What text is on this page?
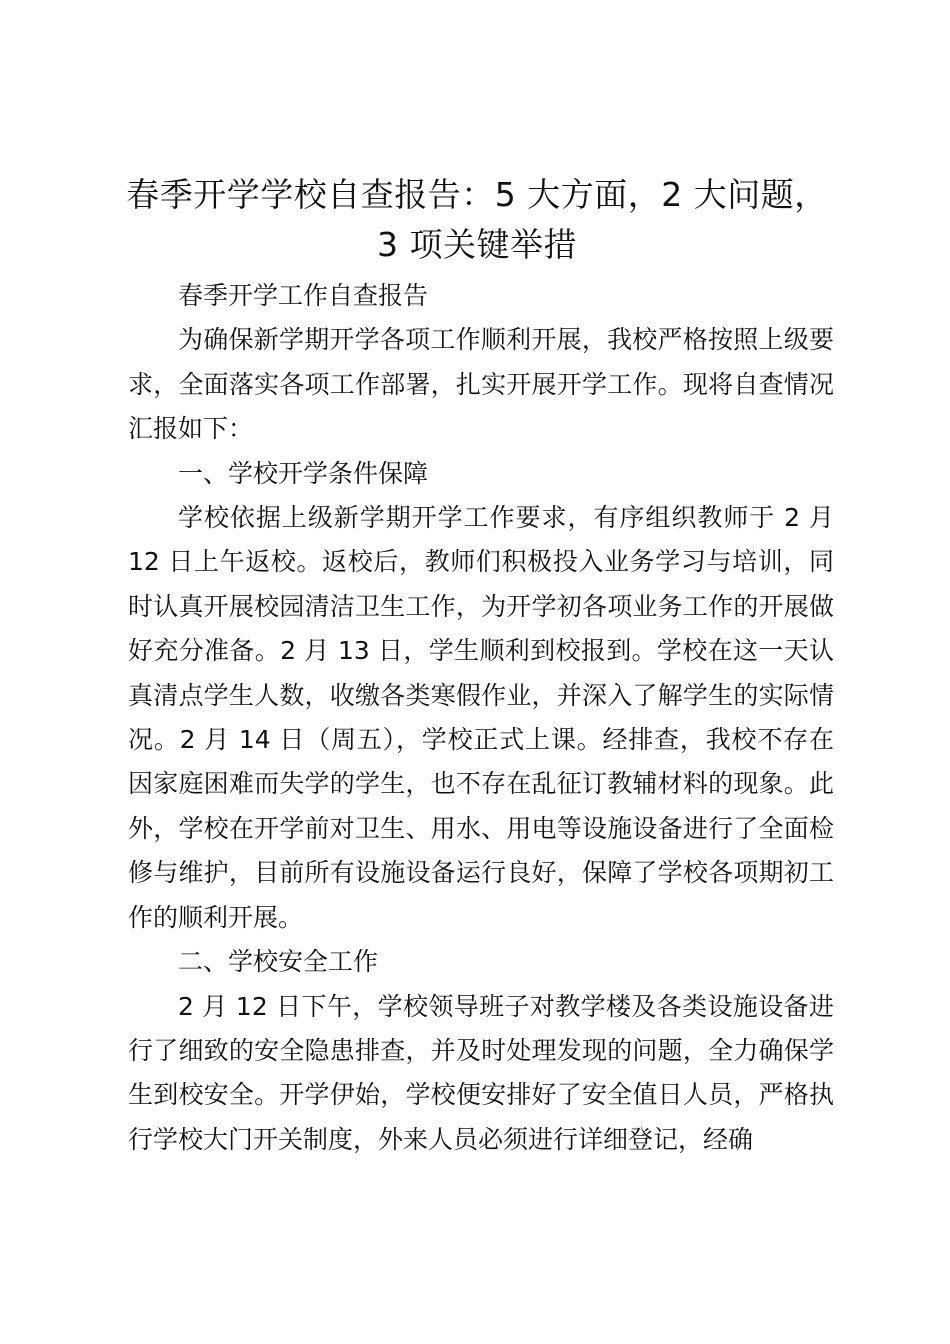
春季开学学校自查报告：5 大方面，2 大问题，
3 项关键举措

春季开学工作自查报告

为确保新学期开学各项工作顺利开展，我校严格按照上级要求，全面落实各项工作部署，扎实开展开学工作。现将自查情况汇报如下：

一、学校开学条件保障

学校依据上级新学期开学工作要求，有序组织教师于 2 月 12 日上午返校。返校后，教师们积极投入业务学习与培训，同时认真开展校园清洁卫生工作，为开学初各项业务工作的开展做好充分准备。2 月 13 日，学生顺利到校报到。学校在这一天认真清点学生人数，收缴各类寒假作业，并深入了解学生的实际情况。2 月 14 日（周五），学校正式上课。经排查，我校不存在因家庭困难而失学的学生，也不存在乱征订教辅材料的现象。此外，学校在开学前对卫生、用水、用电等设施设备进行了全面检修与维护，目前所有设施设备运行良好，保障了学校各项期初工作的顺利开展。

二、学校安全工作

2 月 12 日下午，学校领导班子对教学楼及各类设施设备进行了细致的安全隐患排查，并及时处理发现的问题，全力确保学生到校安全。开学伊始，学校便安排好了安全值日人员，严格执行学校大门开关制度，外来人员必须进行详细登记，经确
